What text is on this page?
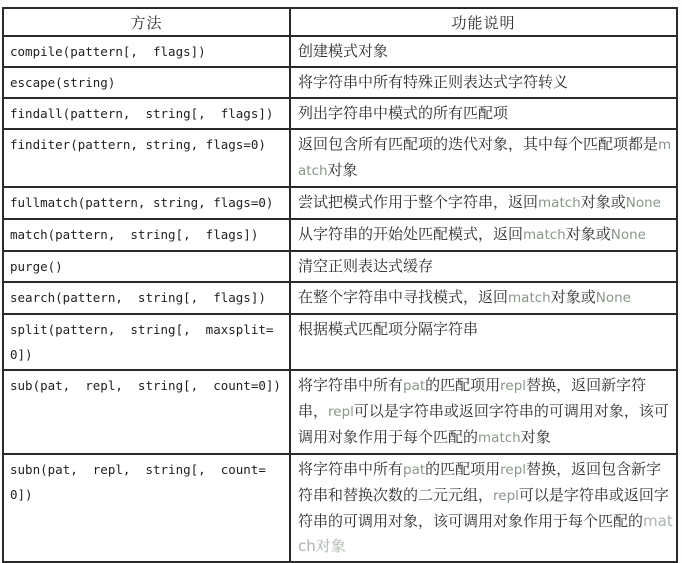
方法	功能说明
compile(pattern[,  flags])	创建模式对象
escape(string)	将字符串中所有特殊正则表达式字符转义
findall(pattern,  string[,  flags])	列出字符串中模式的所有匹配项
finditer(pattern, string, flags=0)	返回包含所有匹配项的迭代对象，其中每个匹配项都是match对象
fullmatch(pattern, string, flags=0)	尝试把模式作用于整个字符串，返回match对象或None
match(pattern,  string[,  flags])	从字符串的开始处匹配模式，返回match对象或None
purge()	清空正则表达式缓存
search(pattern,  string[,  flags])	在整个字符串中寻找模式，返回match对象或None
split(pattern,  string[,  maxsplit=0])	根据模式匹配项分隔字符串
sub(pat,  repl,  string[,  count=0])	将字符串中所有pat的匹配项用repl替换，返回新字符串，repl可以是字符串或返回字符串的可调用对象，该可调用对象作用于每个匹配的match对象
subn(pat,  repl,  string[,  count=0])	将字符串中所有pat的匹配项用repl替换，返回包含新字符串和替换次数的二元元组，repl可以是字符串或返回字符串的可调用对象，该可调用对象作用于每个匹配的match对象
